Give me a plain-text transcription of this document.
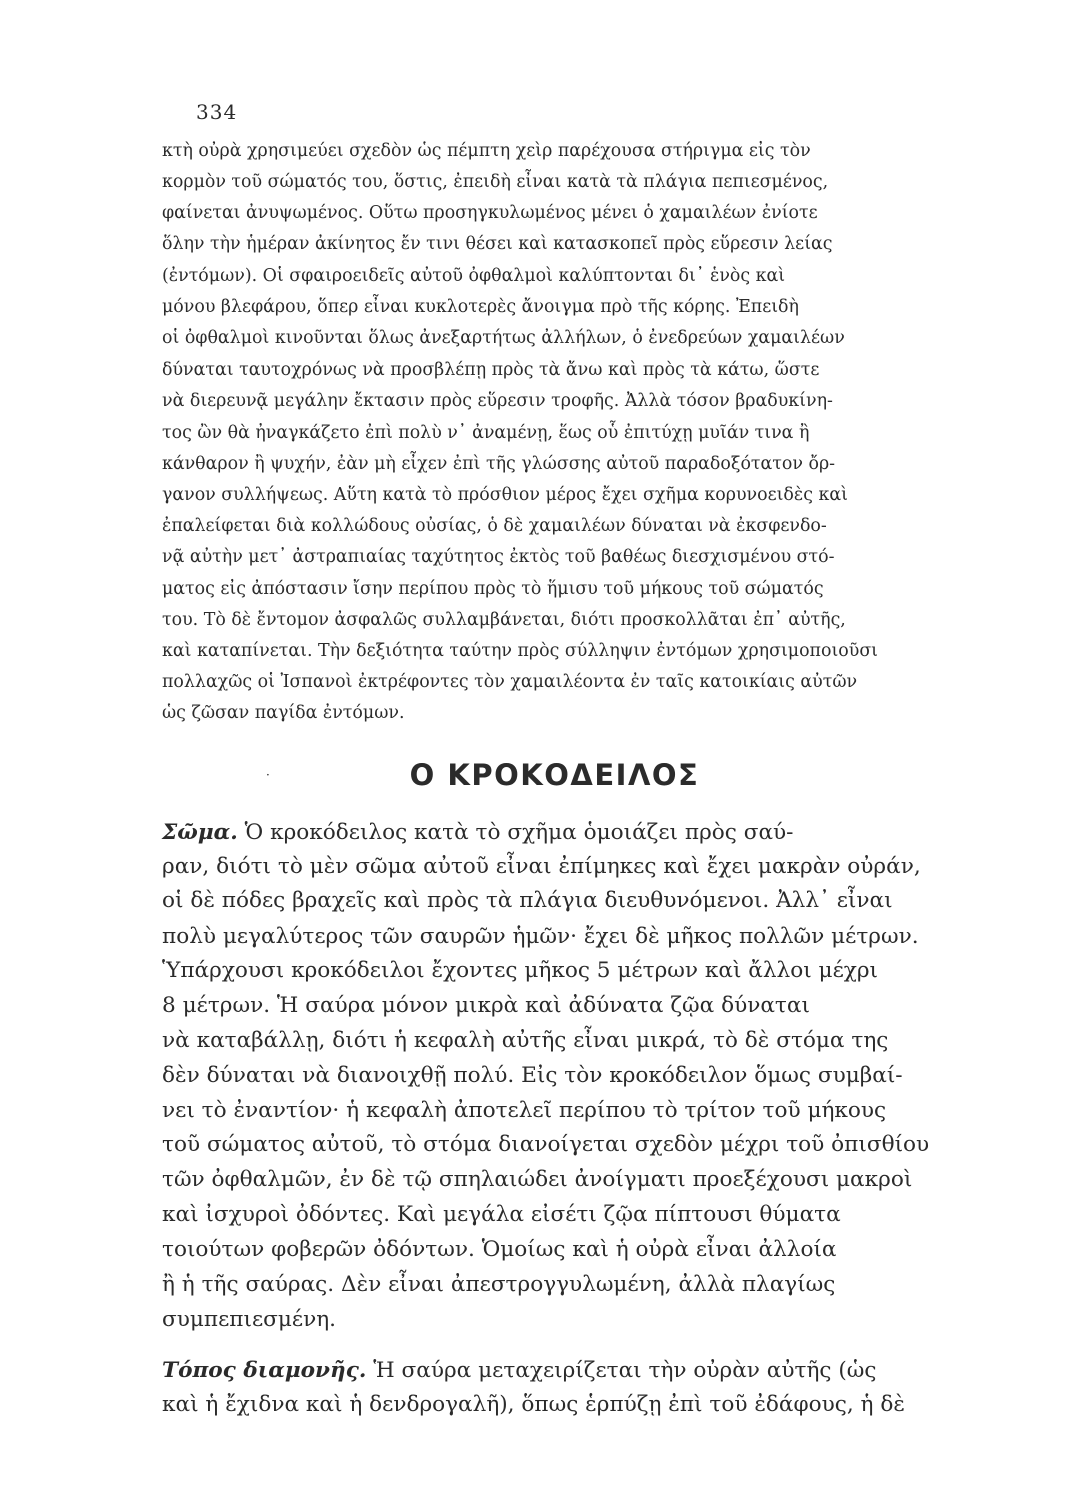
334
κτὴ οὐρὰ χρησιμεύει σχεδὸν ὡς πέμπτη χεὶρ παρέχουσα στήριγμα εἰς τὸν
κορμὸν τοῦ σώματός του, ὅστις, ἐπειδὴ εἶναι κατὰ τὰ πλάγια πεπιεσμένος,
φαίνεται ἀνυψωμένος. Οὕτω προσηγκυλωμένος μένει ὁ χαμαιλέων ἐνίοτε
ὅλην τὴν ἡμέραν ἀκίνητος ἔν τινι θέσει καὶ κατασκοπεῖ πρὸς εὕρεσιν λείας
(ἐντόμων). Οἱ σφαιροειδεῖς αὐτοῦ ὀφθαλμοὶ καλύπτονται δι᾿ ἑνὸς καὶ
μόνου βλεφάρου, ὅπερ εἶναι κυκλοτερὲς ἄνοιγμα πρὸ τῆς κόρης. Ἐπειδὴ
οἱ ὀφθαλμοὶ κινοῦνται ὅλως ἀνεξαρτήτως ἀλλήλων, ὁ ἐνεδρεύων χαμαιλέων
δύναται ταυτοχρόνως νὰ προσβλέπῃ πρὸς τὰ ἄνω καὶ πρὸς τὰ κάτω, ὥστε
νὰ διερευνᾷ μεγάλην ἔκτασιν πρὸς εὕρεσιν τροφῆς. Ἀλλὰ τόσον βραδυκίνη-
τος ὢν θὰ ἠναγκάζετο ἐπὶ πολὺ ν᾿ ἀναμένῃ, ἕως οὗ ἐπιτύχῃ μυῖάν τινα ἢ
κάνθαρον ἢ ψυχήν, ἐὰν μὴ εἶχεν ἐπὶ τῆς γλώσσης αὐτοῦ παραδοξότατον ὄρ-
γανον συλλήψεως. Αὕτη κατὰ τὸ πρόσθιον μέρος ἔχει σχῆμα κορυνοειδὲς καὶ
ἐπαλείφεται διὰ κολλώδους οὐσίας, ὁ δὲ χαμαιλέων δύναται νὰ ἐκσφενδο-
νᾷ αὐτὴν μετ᾿ ἀστραπιαίας ταχύτητος ἐκτὸς τοῦ βαθέως διεσχισμένου στό-
ματος εἰς ἀπόστασιν ἴσην περίπου πρὸς τὸ ἥμισυ τοῦ μήκους τοῦ σώματός
του. Τὸ δὲ ἔντομον ἀσφαλῶς συλλαμβάνεται, διότι προσκολλᾶται ἐπ᾿ αὐτῆς,
καὶ καταπίνεται. Τὴν δεξιότητα ταύτην πρὸς σύλληψιν ἐντόμων χρησιμοποιοῦσι
πολλαχῶς οἱ Ἰσπανοὶ ἐκτρέφοντες τὸν χαμαιλέοντα ἐν ταῖς κατοικίαις αὐτῶν
ὡς ζῶσαν παγίδα ἐντόμων.
·	Ο ΚΡΟΚΟΔΕΙΛΟΣ
Σῶμα. Ὁ κροκόδειλος κατὰ τὸ σχῆμα ὁμοιάζει πρὸς σαύ-
ραν, διότι τὸ μὲν σῶμα αὐτοῦ εἶναι ἐπίμηκες καὶ ἔχει μακρὰν οὐράν,
οἱ δὲ πόδες βραχεῖς καὶ πρὸς τὰ πλάγια διευθυνόμενοι. Ἀλλ᾿ εἶναι
πολὺ μεγαλύτερος τῶν σαυρῶν ἡμῶν· ἔχει δὲ μῆκος πολλῶν μέτρων.
Ὑπάρχουσι κροκόδειλοι ἔχοντες μῆκος 5 μέτρων καὶ ἄλλοι μέχρι
8 μέτρων. Ἡ σαύρα μόνον μικρὰ καὶ ἀδύνατα ζῷα δύναται
νὰ καταβάλλῃ, διότι ἡ κεφαλὴ αὐτῆς εἶναι μικρά, τὸ δὲ στόμα της
δὲν δύναται νὰ διανοιχθῇ πολύ. Εἰς τὸν κροκόδειλον ὅμως συμβαί-
νει τὸ ἐναντίον· ἡ κεφαλὴ ἀποτελεῖ περίπου τὸ τρίτον τοῦ μήκους
τοῦ σώματος αὐτοῦ, τὸ στόμα διανοίγεται σχεδὸν μέχρι τοῦ ὀπισθίου
τῶν ὀφθαλμῶν, ἐν δὲ τῷ σπηλαιώδει ἀνοίγματι προεξέχουσι μακροὶ
καὶ ἰσχυροὶ ὀδόντες. Καὶ μεγάλα εἰσέτι ζῷα πίπτουσι θύματα
τοιούτων φοβερῶν ὀδόντων. Ὁμοίως καὶ ἡ οὐρὰ εἶναι ἀλλοία
ἢ ἡ τῆς σαύρας. Δὲν εἶναι ἀπεστρογγυλωμένη, ἀλλὰ πλαγίως
συμπεπιεσμένη.
Τόπος διαμονῆς. Ἡ σαύρα μεταχειρίζεται τὴν οὐρὰν αὐτῆς (ὡς
καὶ ἡ ἔχιδνα καὶ ἡ δενδρογαλῆ), ὅπως ἑρπύζῃ ἐπὶ τοῦ ἐδάφους, ἡ δὲ
